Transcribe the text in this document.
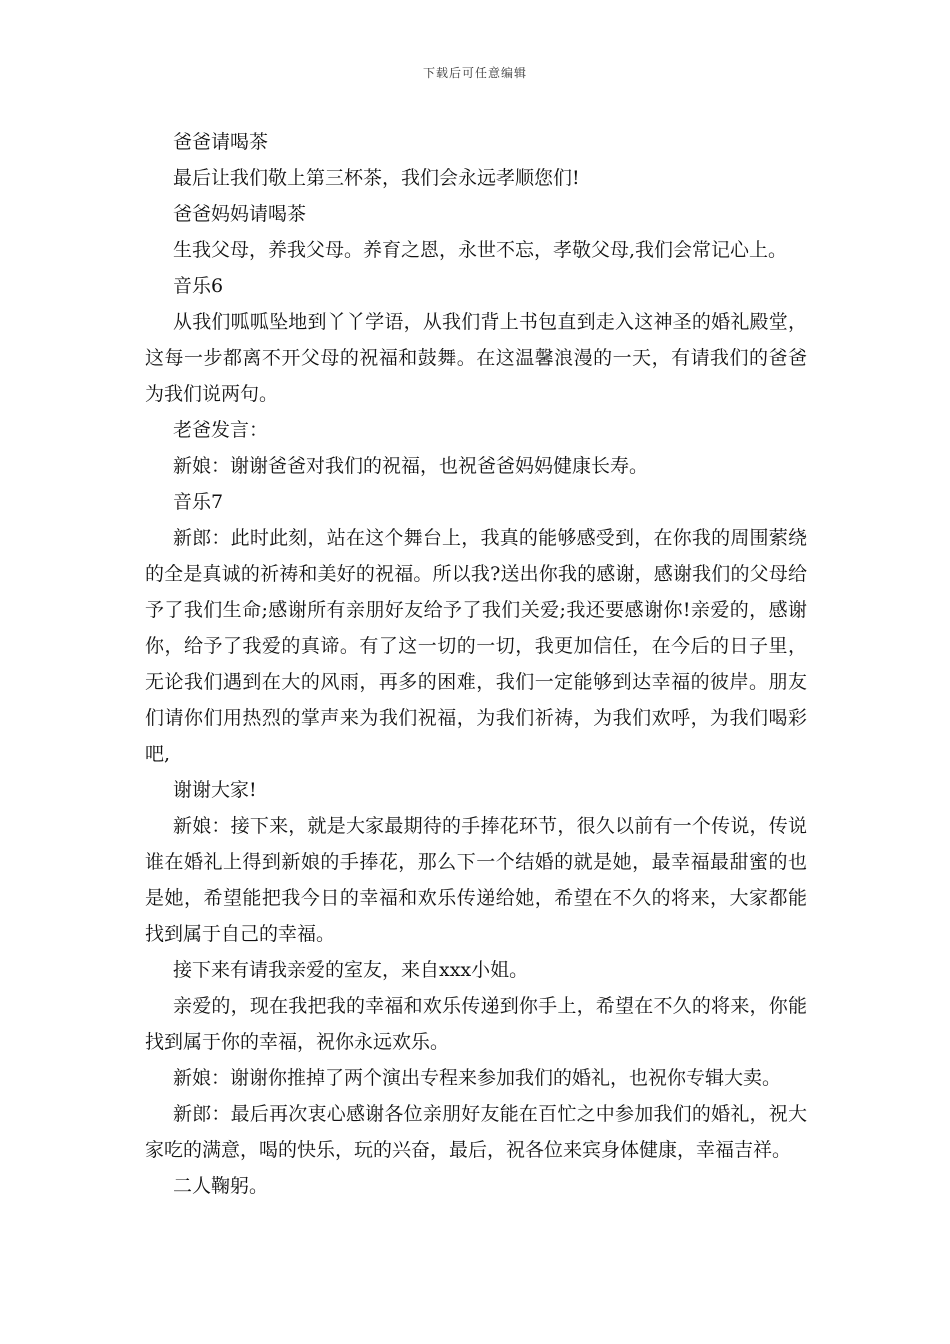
下载后可任意编辑

爸爸请喝茶

最后让我们敬上第三杯茶，我们会永远孝顺您们!

爸爸妈妈请喝茶

生我父母，养我父母。养育之恩，永世不忘，孝敬父母,我们会常记心上。

音乐6

从我们呱呱坠地到丫丫学语，从我们背上书包直到走入这神圣的婚礼殿堂，这每一步都离不开父母的祝福和鼓舞。在这温馨浪漫的一天，有请我们的爸爸为我们说两句。

老爸发言：

新娘：谢谢爸爸对我们的祝福，也祝爸爸妈妈健康长寿。

音乐7

新郎：此时此刻，站在这个舞台上，我真的能够感受到，在你我的周围萦绕的全是真诚的祈祷和美好的祝福。所以我?送出你我的感谢，感谢我们的父母给予了我们生命;感谢所有亲朋好友给予了我们关爱;我还要感谢你!亲爱的，感谢你，给予了我爱的真谛。有了这一切的一切，我更加信任，在今后的日子里，无论我们遇到在大的风雨，再多的困难，我们一定能够到达幸福的彼岸。朋友们请你们用热烈的掌声来为我们祝福，为我们祈祷，为我们欢呼，为我们喝彩吧,

谢谢大家!

新娘：接下来，就是大家最期待的手捧花环节，很久以前有一个传说，传说谁在婚礼上得到新娘的手捧花，那么下一个结婚的就是她，最幸福最甜蜜的也是她，希望能把我今日的幸福和欢乐传递给她，希望在不久的将来，大家都能找到属于自己的幸福。

接下来有请我亲爱的室友，来自xxx小姐。

亲爱的，现在我把我的幸福和欢乐传递到你手上，希望在不久的将来，你能找到属于你的幸福，祝你永远欢乐。

新娘：谢谢你推掉了两个演出专程来参加我们的婚礼，也祝你专辑大卖。

新郎：最后再次衷心感谢各位亲朋好友能在百忙之中参加我们的婚礼，祝大家吃的满意，喝的快乐，玩的兴奋，最后，祝各位来宾身体健康，幸福吉祥。

二人鞠躬。
